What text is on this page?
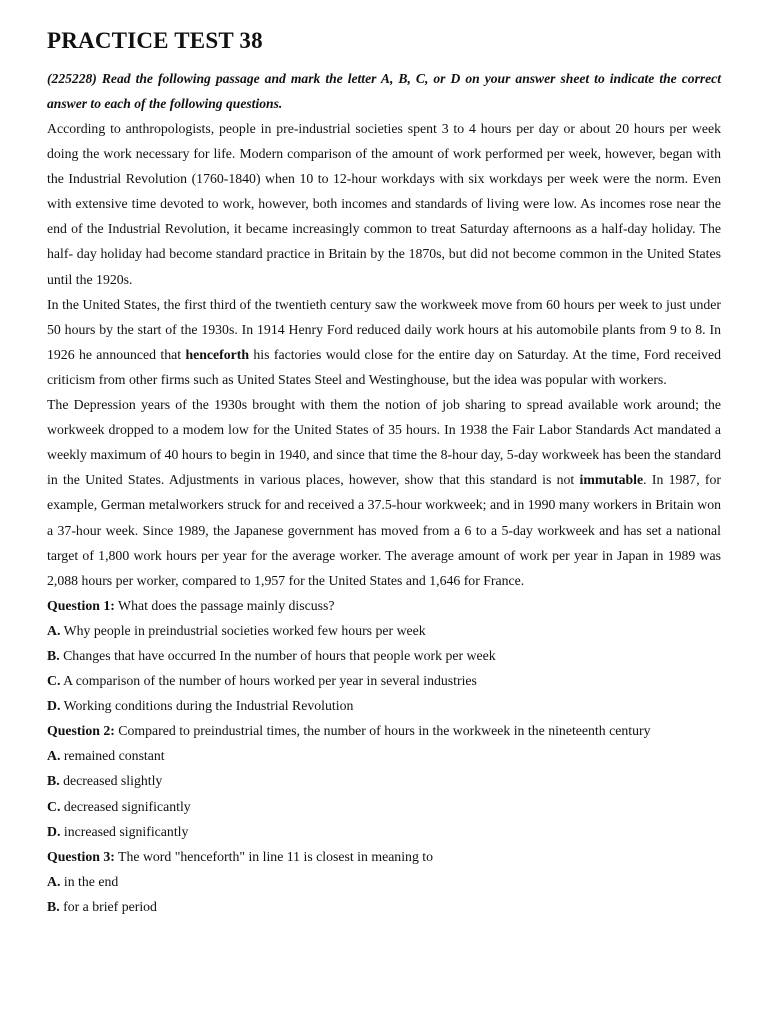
PRACTICE TEST 38

(225228) Read the following passage and mark the letter A, B, C, or D on your answer sheet to indicate the correct answer to each of the following questions.

According to anthropologists, people in pre-industrial societies spent 3 to 4 hours per day or about 20 hours per week doing the work necessary for life. Modern comparison of the amount of work performed per week, however, began with the Industrial Revolution (1760-1840) when 10 to 12-hour workdays with six workdays per week were the norm. Even with extensive time devoted to work, however, both incomes and standards of living were low. As incomes rose near the end of the Industrial Revolution, it became increasingly common to treat Saturday afternoons as a half-day holiday. The half- day holiday had become standard practice in Britain by the 1870s, but did not become common in the United States until the 1920s.

In the United States, the first third of the twentieth century saw the workweek move from 60 hours per week to just under 50 hours by the start of the 1930s. In 1914 Henry Ford reduced daily work hours at his automobile plants from 9 to 8. In 1926 he announced that henceforth his factories would close for the entire day on Saturday. At the time, Ford received criticism from other firms such as United States Steel and Westinghouse, but the idea was popular with workers.

The Depression years of the 1930s brought with them the notion of job sharing to spread available work around; the workweek dropped to a modem low for the United States of 35 hours. In 1938 the Fair Labor Standards Act mandated a weekly maximum of 40 hours to begin in 1940, and since that time the 8-hour day, 5-day workweek has been the standard in the United States. Adjustments in various places, however, show that this standard is not immutable. In 1987, for example, German metalworkers struck for and received a 37.5-hour workweek; and in 1990 many workers in Britain won a 37-hour week. Since 1989, the Japanese government has moved from a 6 to a 5-day workweek and has set a national target of 1,800 work hours per year for the average worker. The average amount of work per year in Japan in 1989 was 2,088 hours per worker, compared to 1,957 for the United States and 1,646 for France.

Question 1: What does the passage mainly discuss?

A. Why people in preindustrial societies worked few hours per week

B. Changes that have occurred In the number of hours that people work per week

C. A comparison of the number of hours worked per year in several industries

D. Working conditions during the Industrial Revolution

Question 2: Compared to preindustrial times, the number of hours in the workweek in the nineteenth century

A. remained constant

B. decreased slightly

C. decreased significantly

D. increased significantly

Question 3: The word "henceforth" in line 11 is closest in meaning to

A. in the end

B. for a brief period
